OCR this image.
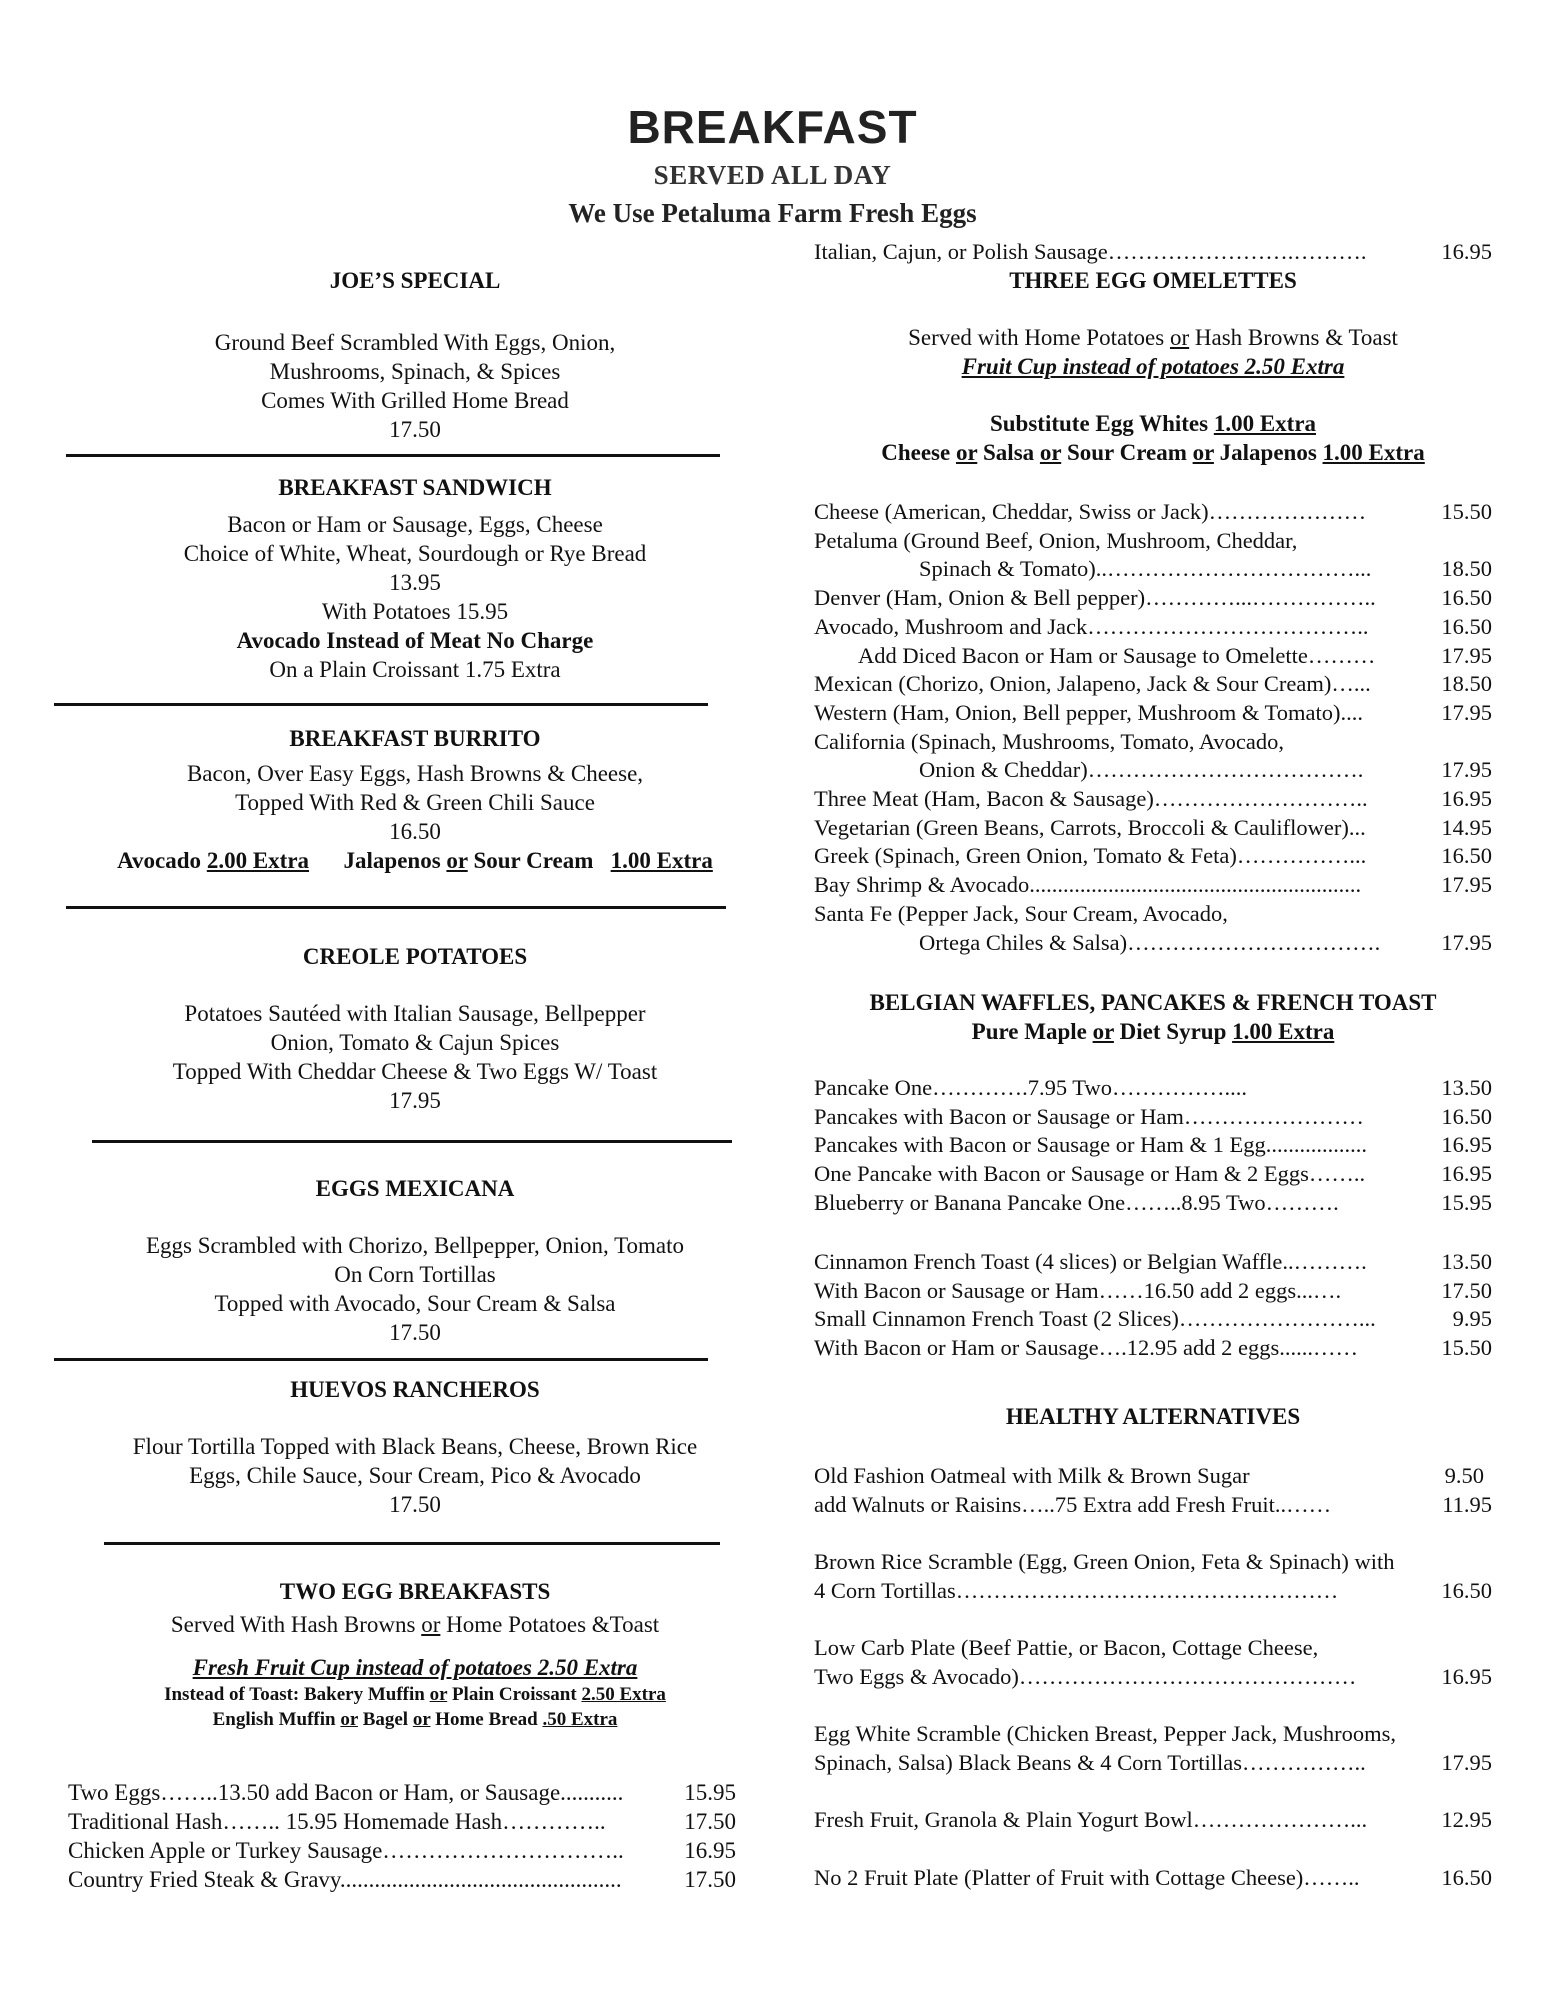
BREAKFAST
SERVED ALL DAY
We Use Petaluma Farm Fresh Eggs
JOE’S SPECIAL
Ground Beef Scrambled With Eggs, Onion,
Mushrooms, Spinach, & Spices
Comes With Grilled Home Bread
17.50
BREAKFAST SANDWICH
Bacon or Ham or Sausage, Eggs, Cheese
Choice of White, Wheat, Sourdough or Rye Bread
13.95
With Potatoes 15.95
Avocado Instead of Meat No Charge
On a Plain Croissant 1.75 Extra
BREAKFAST BURRITO
Bacon, Over Easy Eggs, Hash Browns & Cheese,
Topped With Red & Green Chili Sauce
16.50
Avocado 2.00 Extra Jalapenos or Sour Cream 1.00 Extra
CREOLE POTATOES
Potatoes Sautéed with Italian Sausage, Bellpepper
Onion, Tomato & Cajun Spices
Topped With Cheddar Cheese & Two Eggs W/ Toast
17.95
EGGS MEXICANA
Eggs Scrambled with Chorizo, Bellpepper, Onion, Tomato
On Corn Tortillas
Topped with Avocado, Sour Cream & Salsa
17.50
HUEVOS RANCHEROS
Flour Tortilla Topped with Black Beans, Cheese, Brown Rice
Eggs, Chile Sauce, Sour Cream, Pico & Avocado
17.50
TWO EGG BREAKFASTS
Served With Hash Browns or Home Potatoes &Toast
Fresh Fruit Cup instead of potatoes 2.50 Extra
Instead of Toast: Bakery Muffin or Plain Croissant 2.50 Extra
English Muffin or Bagel or Home Bread .50 Extra
Two Eggs……..13.50 add Bacon or Ham, or Sausage...........	15.95
Traditional Hash…….. 15.95 Homemade Hash…………..	17.50
Chicken Apple or Turkey Sausage…………………………..	16.95
Country Fried Steak & Gravy.................................................	17.50
Italian, Cajun, or Polish Sausage…………………….……….	16.95
THREE EGG OMELETTES
Served with Home Potatoes or Hash Browns & Toast
Fruit Cup instead of potatoes 2.50 Extra
Substitute Egg Whites 1.00 Extra
Cheese or Salsa or Sour Cream or Jalapenos 1.00 Extra
Cheese (American, Cheddar, Swiss or Jack)…………………	15.50
Petaluma (Ground Beef, Onion, Mushroom, Cheddar,
Spinach & Tomato)..……………………………...	18.50
Denver (Ham, Onion & Bell pepper)…………...……………..	16.50
Avocado, Mushroom and Jack………………………………..	16.50
Add Diced Bacon or Ham or Sausage to Omelette………	17.95
Mexican (Chorizo, Onion, Jalapeno, Jack & Sour Cream)…...	18.50
Western (Ham, Onion, Bell pepper, Mushroom & Tomato)....	17.95
California (Spinach, Mushrooms, Tomato, Avocado,
Onion & Cheddar)……………………………….	17.95
Three Meat (Ham, Bacon & Sausage)………………………..	16.95
Vegetarian (Green Beans, Carrots, Broccoli & Cauliflower)...	14.95
Greek (Spinach, Green Onion, Tomato & Feta)……………...	16.50
Bay Shrimp & Avocado...........................................................	17.95
Santa Fe (Pepper Jack, Sour Cream, Avocado,
Ortega Chiles & Salsa)…………………………….	17.95
BELGIAN WAFFLES, PANCAKES & FRENCH TOAST
Pure Maple or Diet Syrup 1.00 Extra
Pancake One………….7.95 Two……………....	13.50
Pancakes with Bacon or Sausage or Ham……………………	16.50
Pancakes with Bacon or Sausage or Ham & 1 Egg..................	16.95
One Pancake with Bacon or Sausage or Ham & 2 Eggs……..	16.95
Blueberry or Banana Pancake One……..8.95 Two……….	15.95
Cinnamon French Toast (4 slices) or Belgian Waffle..……….	13.50
With Bacon or Sausage or Ham……16.50 add 2 eggs...….	17.50
Small Cinnamon French Toast (2 Slices)……………………...	9.95
With Bacon or Ham or Sausage….12.95 add 2 eggs......……	15.50
HEALTHY ALTERNATIVES
Old Fashion Oatmeal with Milk & Brown Sugar	9.50
add Walnuts or Raisins…..75 Extra add Fresh Fruit..……	11.95
Brown Rice Scramble (Egg, Green Onion, Feta & Spinach) with
4 Corn Tortillas……………………………………………	16.50
Low Carb Plate (Beef Pattie, or Bacon, Cottage Cheese,
Two Eggs & Avocado)………………………………………	16.95
Egg White Scramble (Chicken Breast, Pepper Jack, Mushrooms,
Spinach, Salsa) Black Beans & 4 Corn Tortillas……………..	17.95
Fresh Fruit, Granola & Plain Yogurt Bowl…………………...	12.95
No 2 Fruit Plate (Platter of Fruit with Cottage Cheese)……..	16.50
